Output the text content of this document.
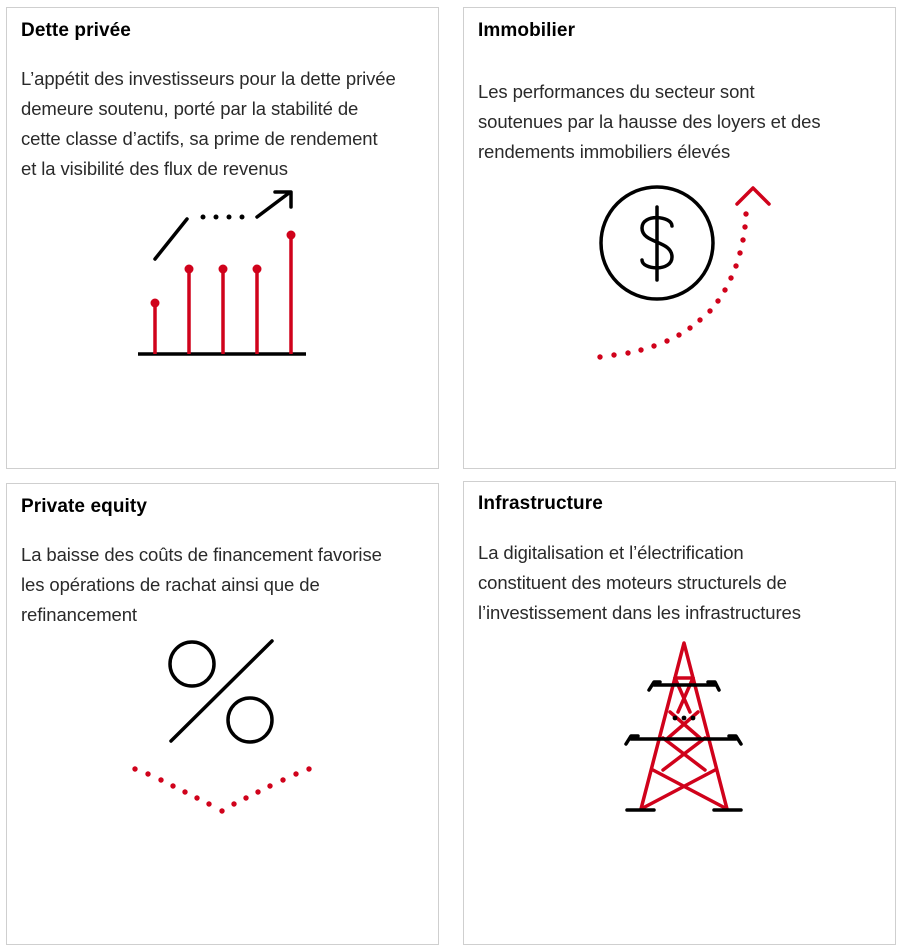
Dette privée

L’appétit des investisseurs pour la dette privée
demeure soutenu, porté par la stabilité de
cette classe d’actifs, sa prime de rendement
et la visibilité des flux de revenus

Immobilier

Les performances du secteur sont
soutenues par la hausse des loyers et des
rendements immobiliers élevés

Private equity

La baisse des coûts de financement favorise
les opérations de rachat ainsi que de
refinancement

Infrastructure

La digitalisation et l’électrification
constituent des moteurs structurels de
l’investissement dans les infrastructures
